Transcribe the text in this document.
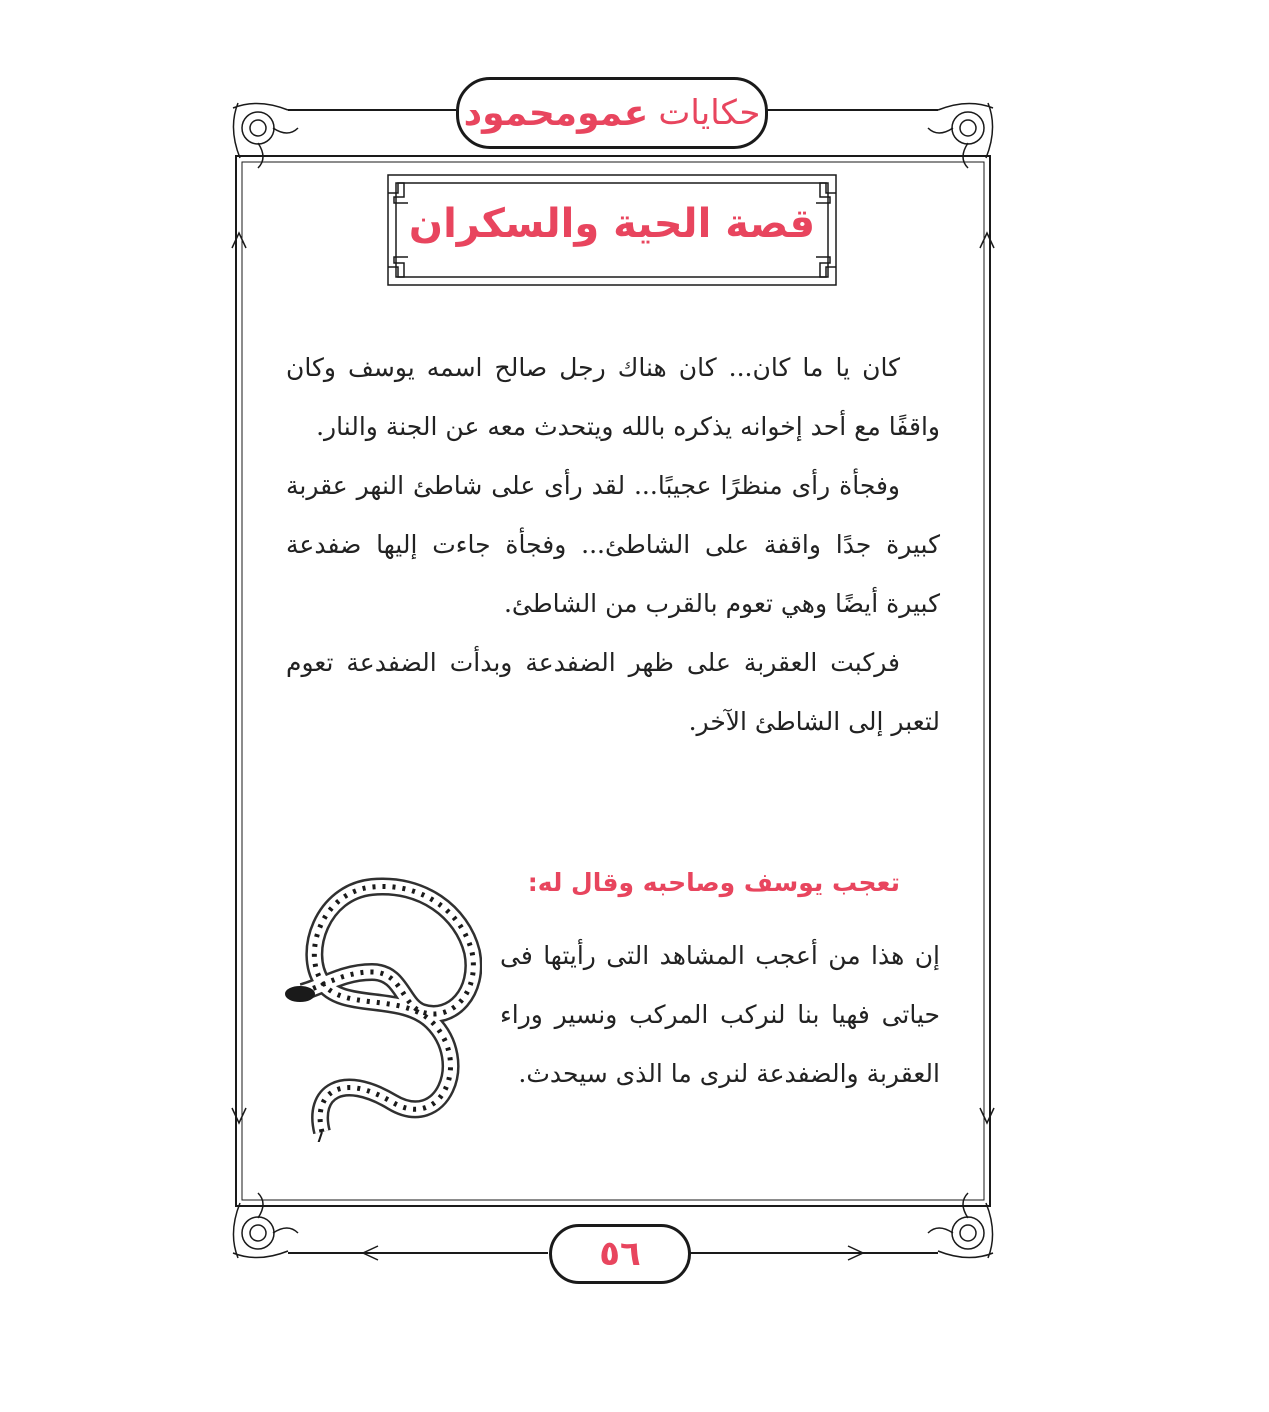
حكايات
عمومحمود
قصة الحية والسكران

كان يا ما كان... كان هناك رجل صالح اسمه يوسف وكان واقفًا مع أحد إخوانه يذكره بالله ويتحدث معه عن الجنة والنار.

وفجأة رأى منظرًا عجيبًا... لقد رأى على شاطئ النهر عقربة كبيرة جدًا واقفة على الشاطئ... وفجأة جاءت إليها ضفدعة كبيرة أيضًا وهي تعوم بالقرب من الشاطئ.

فركبت العقربة على ظهر الضفدعة وبدأت الضفدعة تعوم لتعبر إلى الشاطئ الآخر.

تعجب يوسف وصاحبه وقال له:
إن هذا من أعجب المشاهد التى رأيتها فى حياتى فهيا بنا لنركب المركب ونسير وراء العقربة والضفدعة لنرى ما الذى سيحدث.
٥٦
